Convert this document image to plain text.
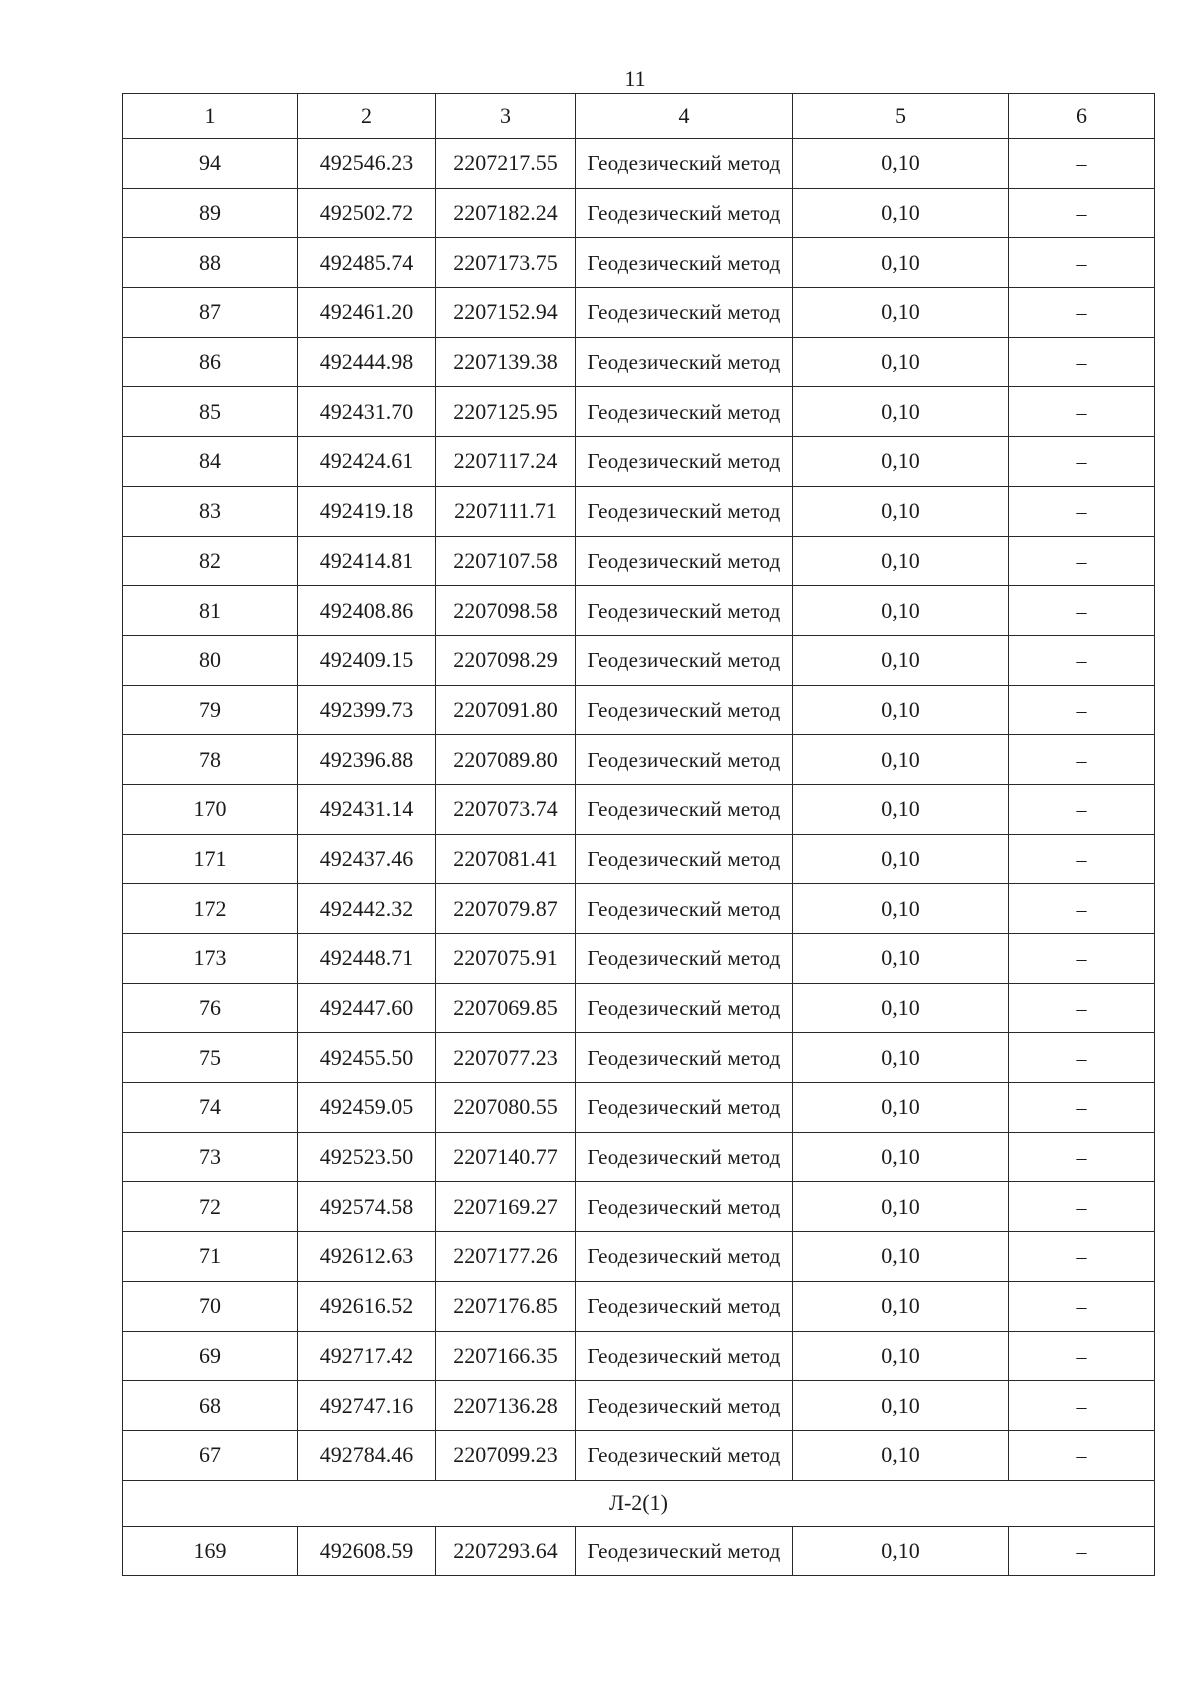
11
1	2	3	4	5	6
94	492546.23	2207217.55	Геодезический метод	0,10	–
89	492502.72	2207182.24	Геодезический метод	0,10	–
88	492485.74	2207173.75	Геодезический метод	0,10	–
87	492461.20	2207152.94	Геодезический метод	0,10	–
86	492444.98	2207139.38	Геодезический метод	0,10	–
85	492431.70	2207125.95	Геодезический метод	0,10	–
84	492424.61	2207117.24	Геодезический метод	0,10	–
83	492419.18	2207111.71	Геодезический метод	0,10	–
82	492414.81	2207107.58	Геодезический метод	0,10	–
81	492408.86	2207098.58	Геодезический метод	0,10	–
80	492409.15	2207098.29	Геодезический метод	0,10	–
79	492399.73	2207091.80	Геодезический метод	0,10	–
78	492396.88	2207089.80	Геодезический метод	0,10	–
170	492431.14	2207073.74	Геодезический метод	0,10	–
171	492437.46	2207081.41	Геодезический метод	0,10	–
172	492442.32	2207079.87	Геодезический метод	0,10	–
173	492448.71	2207075.91	Геодезический метод	0,10	–
76	492447.60	2207069.85	Геодезический метод	0,10	–
75	492455.50	2207077.23	Геодезический метод	0,10	–
74	492459.05	2207080.55	Геодезический метод	0,10	–
73	492523.50	2207140.77	Геодезический метод	0,10	–
72	492574.58	2207169.27	Геодезический метод	0,10	–
71	492612.63	2207177.26	Геодезический метод	0,10	–
70	492616.52	2207176.85	Геодезический метод	0,10	–
69	492717.42	2207166.35	Геодезический метод	0,10	–
68	492747.16	2207136.28	Геодезический метод	0,10	–
67	492784.46	2207099.23	Геодезический метод	0,10	–
Л-2(1)					
169	492608.59	2207293.64	Геодезический метод	0,10	–
